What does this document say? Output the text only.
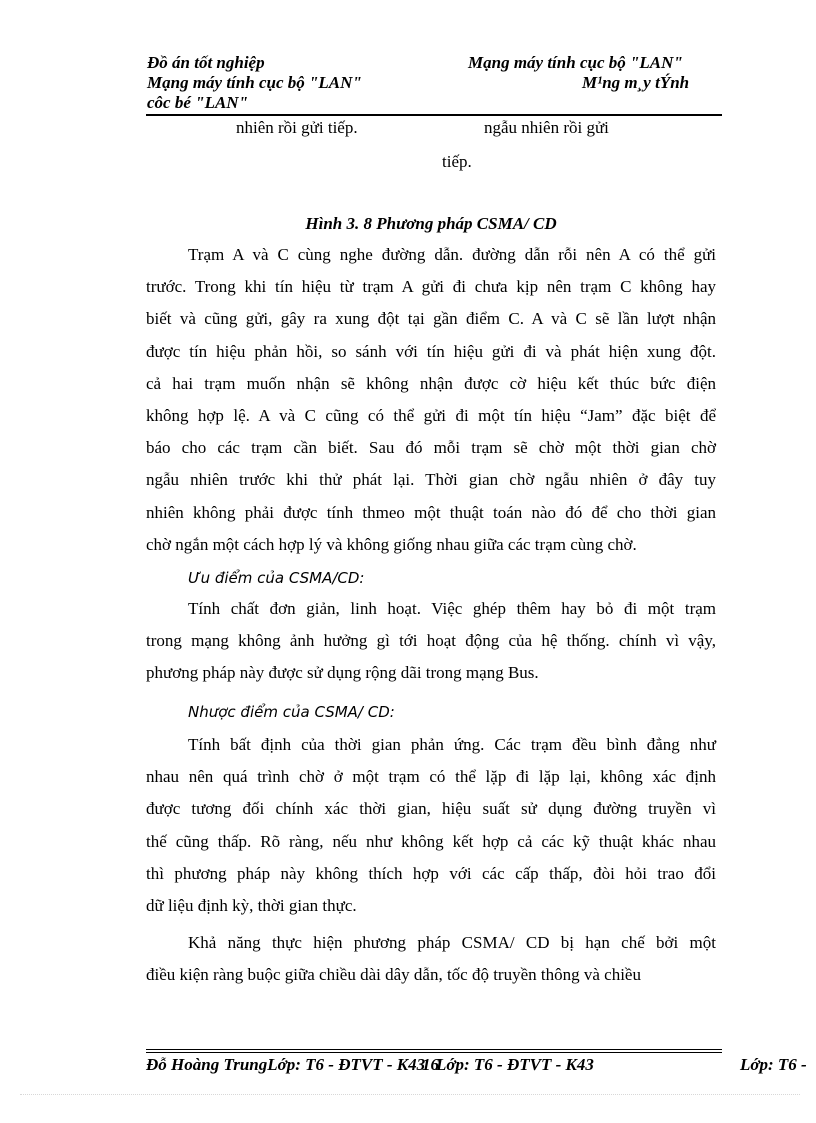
Đồ án tốt nghiệp	Mạng máy tính cục bộ "LAN"
Mạng máy tính cục bộ "LAN"	M¹ng m¸y tÝnh
côc bé "LAN"
nhiên rồi gửi tiếp.	ngẫu nhiên rồi gửi
tiếp.
Hình 3. 8 Phương pháp CSMA/ CD
Trạm A và C cùng nghe đường dẫn. đường dẫn rỗi nên A có thể gửi
trước. Trong khi tín hiệu từ trạm A gửi đi chưa kịp nên trạm C không hay
biết và cũng gửi, gây ra xung đột tại gần điểm C. A và C sẽ lần lượt nhận
được tín hiệu phản hồi, so sánh với tín hiệu gửi đi và phát hiện xung đột.
cả hai trạm muốn nhận sẽ không nhận được cờ hiệu kết thúc bức điện
không hợp lệ. A và C cũng có thể gửi đi một tín hiệu “Jam” đặc biệt để
báo cho các trạm cần biết. Sau đó mỗi trạm sẽ chờ một thời gian chờ
ngẫu nhiên trước khi thử phát lại. Thời gian chờ ngẫu nhiên ở đây tuy
nhiên không phải được tính thmeo một thuật toán nào đó để cho thời gian
chờ ngắn một cách hợp lý và không giống nhau giữa các trạm cùng chờ.
Ưu điểm của CSMA/CD:
Tính chất đơn giản, linh hoạt. Việc ghép thêm hay bỏ đi một trạm
trong mạng không ảnh hưởng gì tới hoạt động của hệ thống. chính vì vậy,
phương pháp này được sử dụng rộng dãi trong mạng Bus.
Nhược điểm của CSMA/ CD:
Tính bất định của thời gian phản ứng. Các trạm đều bình đẳng như
nhau nên quá trình chờ ở một trạm có thể lặp đi lặp lại, không xác định
được tương đối chính xác thời gian, hiệu suất sử dụng đường truyền vì
thế cũng thấp. Rõ ràng, nếu như không kết hợp cả các kỹ thuật khác nhau
thì phương pháp này không thích hợp với các cấp thấp, đòi hỏi trao đổi
dữ liệu định kỳ, thời gian thực.
Khả năng thực hiện phương pháp CSMA/ CD bị hạn chế bởi một
điều kiện ràng buộc giữa chiều dài dây dẫn, tốc độ truyền thông và chiều
Đỗ Hoàng TrungLớp: T6 - ĐTVT - K43
16
Lớp: T6 - ĐTVT - K43	Lớp: T6 -
